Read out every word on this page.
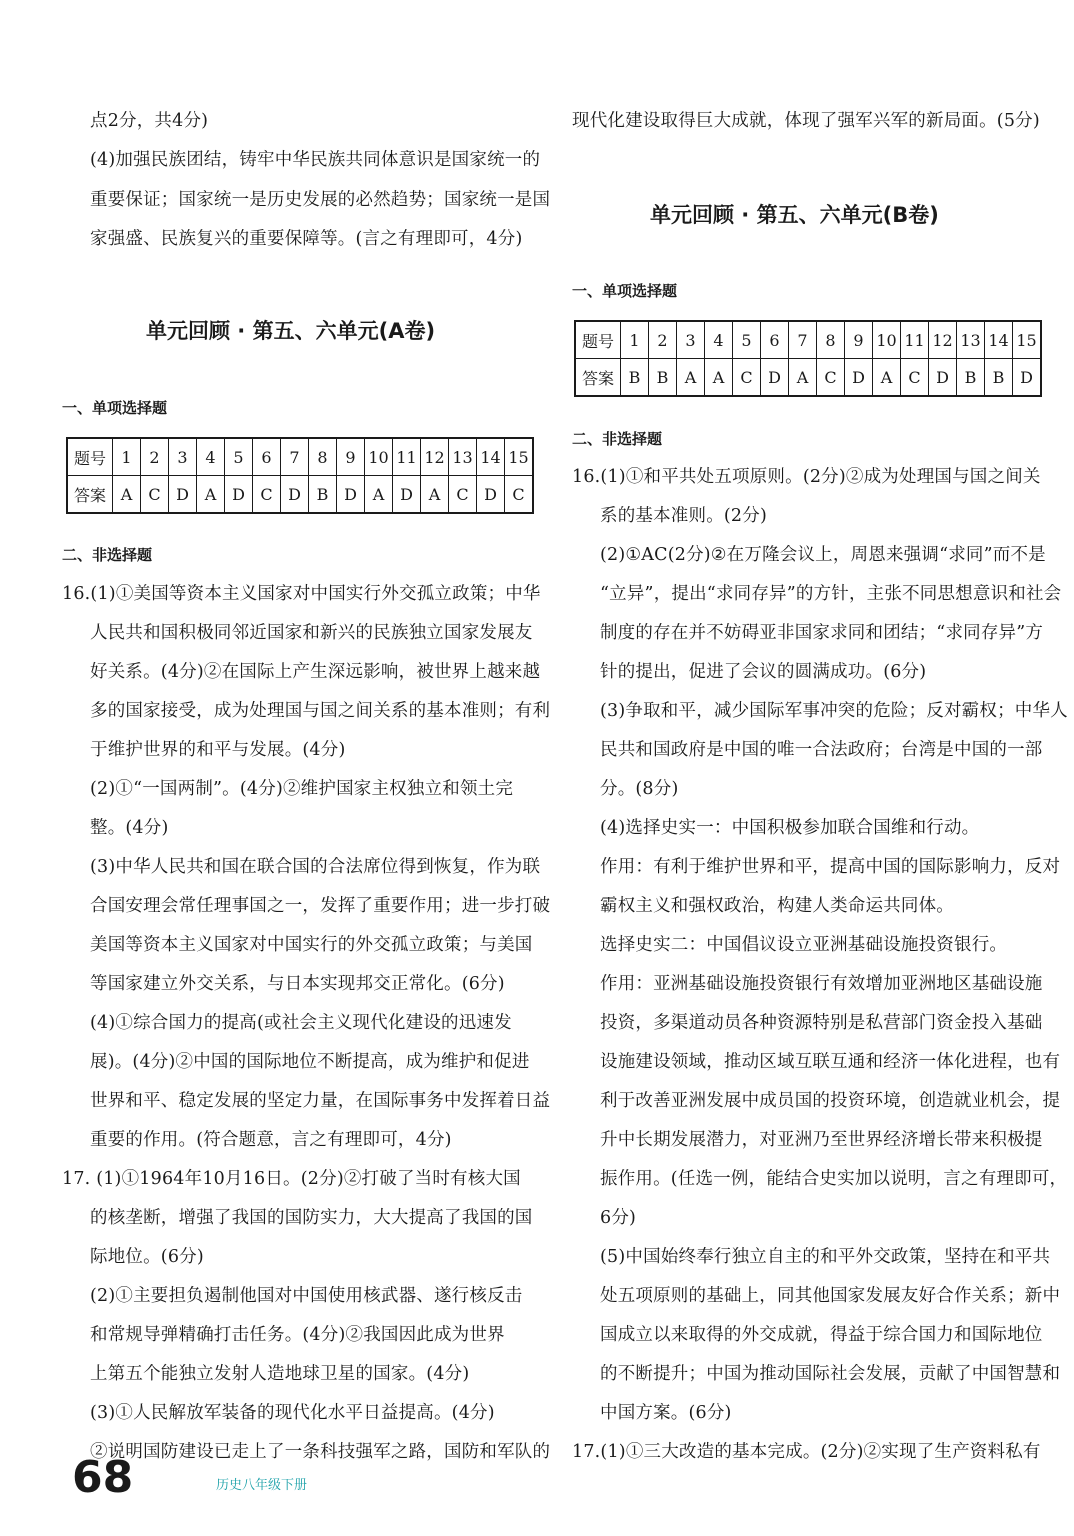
点2分，共4分)
(4)加强民族团结，铸牢中华民族共同体意识是国家统一的
重要保证；国家统一是历史发展的必然趋势；国家统一是国
家强盛、民族复兴的重要保障等。(言之有理即可，4分)
单元回顾 · 第五、六单元(A卷)
一、单项选择题
题号	1	2	3	4	5	6	7	8	9	10	11	12	13	14	15
答案	A	C	D	A	D	C	D	B	D	A	D	A	C	D	C
二、非选择题
16.(1)①美国等资本主义国家对中国实行外交孤立政策；中华
人民共和国积极同邻近国家和新兴的民族独立国家发展友
好关系。(4分)②在国际上产生深远影响，被世界上越来越
多的国家接受，成为处理国与国之间关系的基本准则；有利
于维护世界的和平与发展。(4分)
(2)①“一国两制”。(4分)②维护国家主权独立和领土完
整。(4分)
(3)中华人民共和国在联合国的合法席位得到恢复，作为联
合国安理会常任理事国之一，发挥了重要作用；进一步打破
美国等资本主义国家对中国实行的外交孤立政策；与美国
等国家建立外交关系，与日本实现邦交正常化。(6分)
(4)①综合国力的提高(或社会主义现代化建设的迅速发
展)。(4分)②中国的国际地位不断提高，成为维护和促进
世界和平、稳定发展的坚定力量，在国际事务中发挥着日益
重要的作用。(符合题意，言之有理即可，4分)
17. (1)①1964年10月16日。(2分)②打破了当时有核大国
的核垄断，增强了我国的国防实力，大大提高了我国的国
际地位。(6分)
(2)①主要担负遏制他国对中国使用核武器、遂行核反击
和常规导弹精确打击任务。(4分)②我国因此成为世界
上第五个能独立发射人造地球卫星的国家。(4分)
(3)①人民解放军装备的现代化水平日益提高。(4分)
②说明国防建设已走上了一条科技强军之路，国防和军队的
现代化建设取得巨大成就，体现了强军兴军的新局面。(5分)
单元回顾 · 第五、六单元(B卷)
一、单项选择题
题号	1	2	3	4	5	6	7	8	9	10	11	12	13	14	15
答案	B	B	A	A	C	D	A	C	D	A	C	D	B	B	D
二、非选择题
16.(1)①和平共处五项原则。(2分)②成为处理国与国之间关
系的基本准则。(2分)
(2)①AC(2分)②在万隆会议上，周恩来强调“求同”而不是
“立异”，提出“求同存异”的方针，主张不同思想意识和社会
制度的存在并不妨碍亚非国家求同和团结；“求同存异”方
针的提出，促进了会议的圆满成功。(6分)
(3)争取和平，减少国际军事冲突的危险；反对霸权；中华人
民共和国政府是中国的唯一合法政府；台湾是中国的一部
分。(8分)
(4)选择史实一：中国积极参加联合国维和行动。
作用：有利于维护世界和平，提高中国的国际影响力，反对
霸权主义和强权政治，构建人类命运共同体。
选择史实二：中国倡议设立亚洲基础设施投资银行。
作用：亚洲基础设施投资银行有效增加亚洲地区基础设施
投资，多渠道动员各种资源特别是私营部门资金投入基础
设施建设领域，推动区域互联互通和经济一体化进程，也有
利于改善亚洲发展中成员国的投资环境，创造就业机会，提
升中长期发展潜力，对亚洲乃至世界经济增长带来积极提
振作用。(任选一例，能结合史实加以说明，言之有理即可，
6分)
(5)中国始终奉行独立自主的和平外交政策，坚持在和平共
处五项原则的基础上，同其他国家发展友好合作关系；新中
国成立以来取得的外交成就，得益于综合国力和国际地位
的不断提升；中国为推动国际社会发展，贡献了中国智慧和
中国方案。(6分)
17.(1)①三大改造的基本完成。(2分)②实现了生产资料私有
68	历史八年级下册
